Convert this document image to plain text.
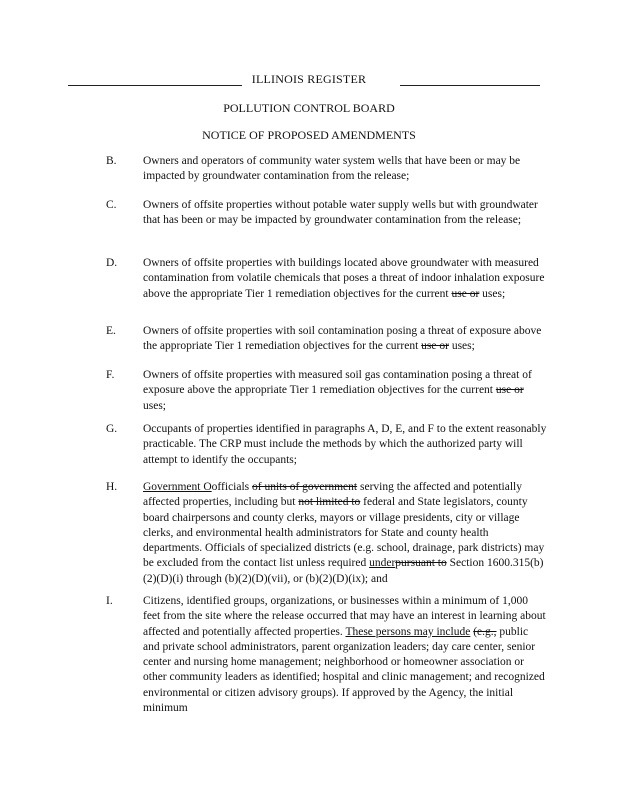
ILLINOIS REGISTER
POLLUTION CONTROL BOARD
NOTICE OF PROPOSED AMENDMENTS
B. Owners and operators of community water system wells that have been or may be impacted by groundwater contamination from the release;
C. Owners of offsite properties without potable water supply wells but with groundwater that has been or may be impacted by groundwater contamination from the release;
D. Owners of offsite properties with buildings located above groundwater with measured contamination from volatile chemicals that poses a threat of indoor inhalation exposure above the appropriate Tier 1 remediation objectives for the current use or uses;
E. Owners of offsite properties with soil contamination posing a threat of exposure above the appropriate Tier 1 remediation objectives for the current use or uses;
F. Owners of offsite properties with measured soil gas contamination posing a threat of exposure above the appropriate Tier 1 remediation objectives for the current use or uses;
G. Occupants of properties identified in paragraphs A, D, E, and F to the extent reasonably practicable. The CRP must include the methods by which the authorized party will attempt to identify the occupants;
H. Government Oofficials of units of government serving the affected and potentially affected properties, including but not limited to federal and State legislators, county board chairpersons and county clerks, mayors or village presidents, city or village clerks, and environmental health administrators for State and county health departments. Officials of specialized districts (e.g. school, drainage, park districts) may be excluded from the contact list unless required underpursuant to Section 1600.315(b)(2)(D)(i) through (b)(2)(D)(vii), or (b)(2)(D)(ix); and
I.	Citizens, identified groups, organizations, or businesses within a minimum of 1,000 feet from the site where the release occurred that may have an interest in learning about affected and potentially affected properties. These persons may include (e.g., public and private school administrators, parent organization leaders; day care center, senior center and nursing home management; neighborhood or homeowner association or other community leaders as identified; hospital and clinic management; and recognized environmental or citizen advisory groups). If approved by the Agency, the initial minimum
